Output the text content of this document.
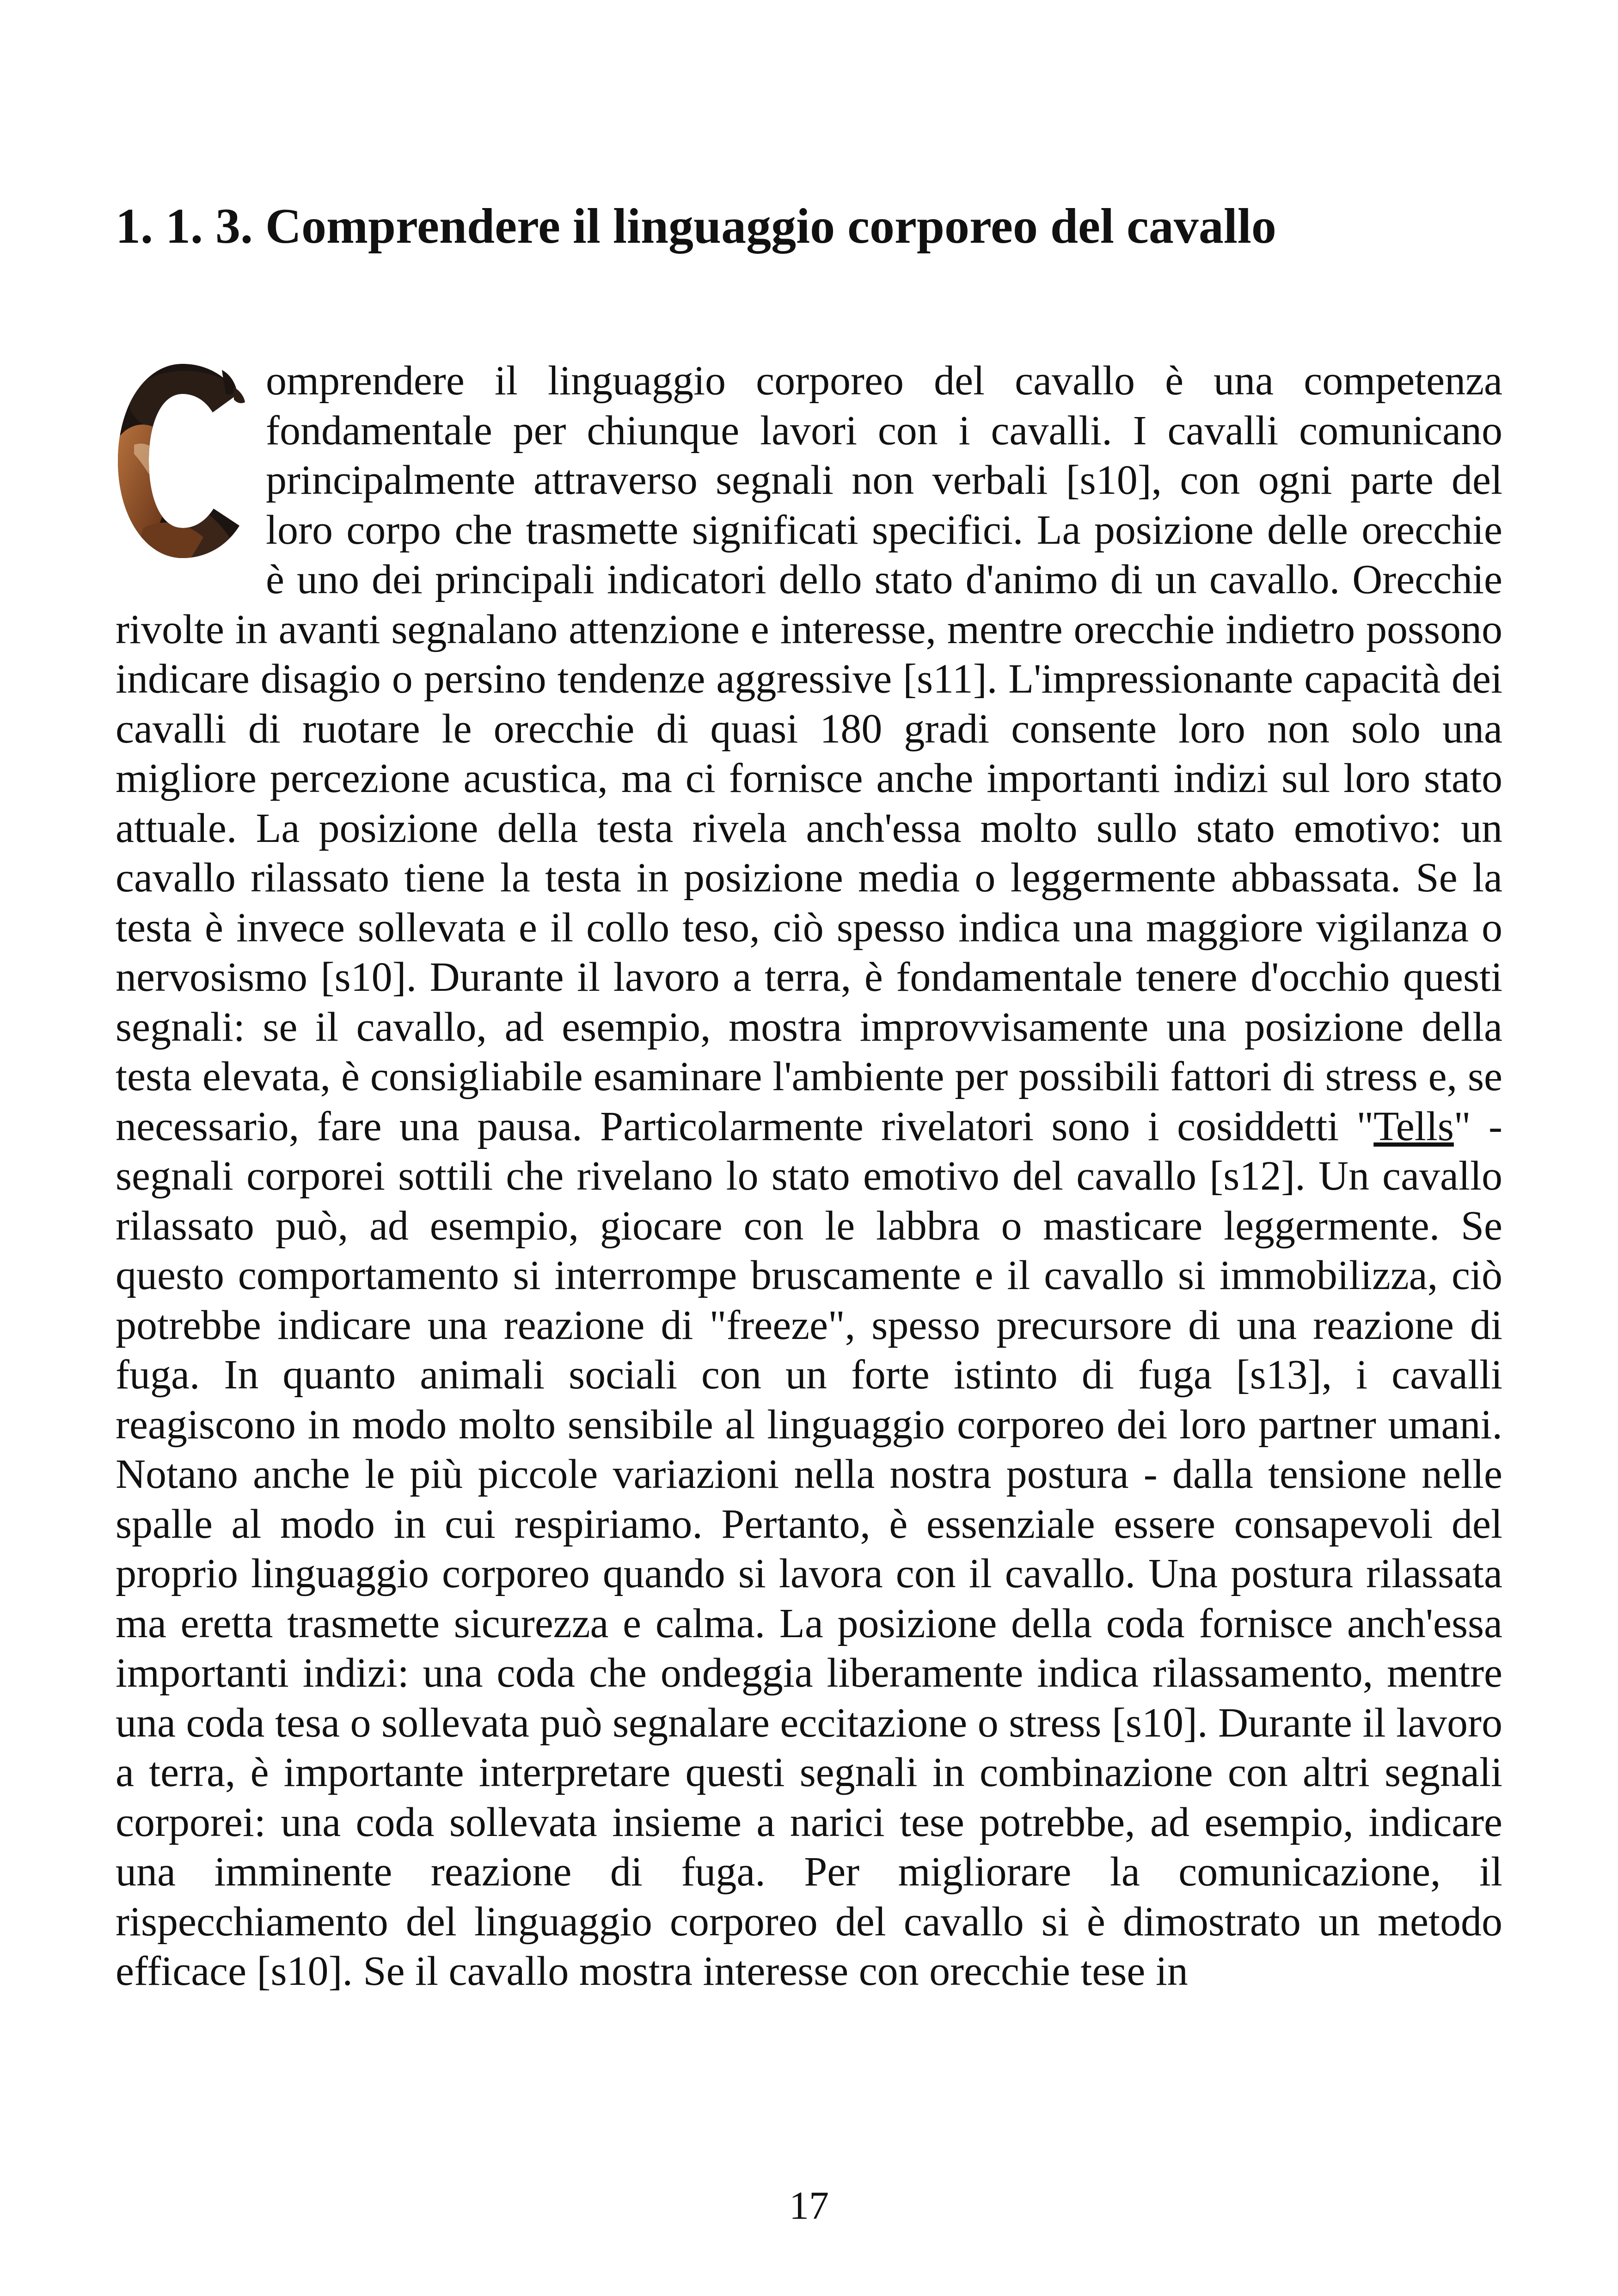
1. 1. 3. Comprendere il linguaggio corporeo del cavallo
omprendere il linguaggio corporeo del cavallo è una competenza fondamentale per chiunque lavori con i cavalli. I cavalli comunicano principalmente attraverso segnali non verbali [s10], con ogni parte del loro corpo che trasmette significati specifici. La posizione delle orecchie è uno dei principali indicatori dello stato d'animo di un cavallo. Orecchie rivolte in avanti segnalano attenzione e interesse, mentre orecchie indietro possono indicare disagio o persino tendenze aggressive [s11]. L'impressionante capacità dei cavalli di ruotare le orecchie di quasi 180 gradi consente loro non solo una migliore percezione acustica, ma ci fornisce anche importanti indizi sul loro stato attuale. La posizione della testa rivela anch'essa molto sullo stato emotivo: un cavallo rilassato tiene la testa in posizione media o leggermente abbassata. Se la testa è invece sollevata e il collo teso, ciò spesso indica una maggiore vigilanza o nervosismo [s10]. Durante il lavoro a terra, è fondamentale tenere d'occhio questi segnali: se il cavallo, ad esempio, mostra improvvisamente una posizione della testa elevata, è consigliabile esaminare l'ambiente per possibili fattori di stress e, se necessario, fare una pausa. Particolarmente rivelatori sono i cosiddetti "Tells" - segnali corporei sottili che rivelano lo stato emotivo del cavallo [s12]. Un cavallo rilassato può, ad esempio, giocare con le labbra o masticare leggermente. Se questo comportamento si interrompe bruscamente e il cavallo si immobilizza, ciò potrebbe indicare una reazione di "freeze", spesso precursore di una reazione di fuga. In quanto animali sociali con un forte istinto di fuga [s13], i cavalli reagiscono in modo molto sensibile al linguaggio corporeo dei loro partner umani. Notano anche le più piccole variazioni nella nostra postura - dalla tensione nelle spalle al modo in cui respiriamo. Pertanto, è essenziale essere consapevoli del proprio linguaggio corporeo quando si lavora con il cavallo. Una postura rilassata ma eretta trasmette sicurezza e calma. La posizione della coda fornisce anch'essa importanti indizi: una coda che ondeggia liberamente indica rilassamento, mentre una coda tesa o sollevata può segnalare eccitazione o stress [s10]. Durante il lavoro a terra, è importante interpretare questi segnali in combinazione con altri segnali corporei: una coda sollevata insieme a narici tese potrebbe, ad esempio, indicare una imminente reazione di fuga. Per migliorare la comunicazione, il rispecchiamento del linguaggio corporeo del cavallo si è dimostrato un metodo efficace [s10]. Se il cavallo mostra interesse con orecchie tese in
17
